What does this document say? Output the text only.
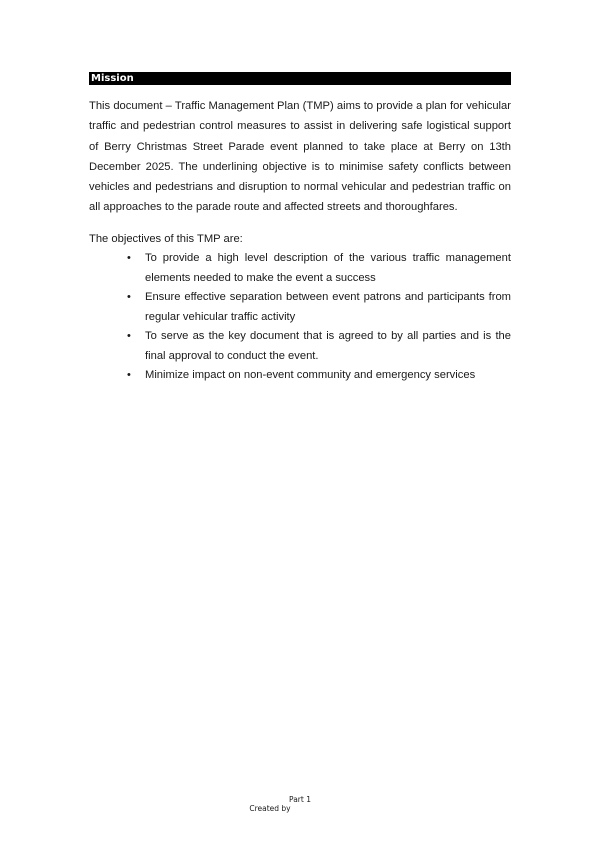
Mission

This document – Traffic Management Plan (TMP) aims to provide a plan for vehicular traffic and pedestrian control measures to assist in delivering safe logistical support of Berry Christmas Street Parade event planned to take place at Berry on 13th December 2025. The underlining objective is to minimise safety conflicts between vehicles and pedestrians and disruption to normal vehicular and pedestrian traffic on all approaches to the parade route and affected streets and thoroughfares.

The objectives of this TMP are:

• To provide a high level description of the various traffic management elements needed to make the event a success
• Ensure effective separation between event patrons and participants from regular vehicular traffic activity
• To serve as the key document that is agreed to by all parties and is the final approval to conduct the event.
• Minimize impact on non-event community and emergency services
Part 1
Created by
